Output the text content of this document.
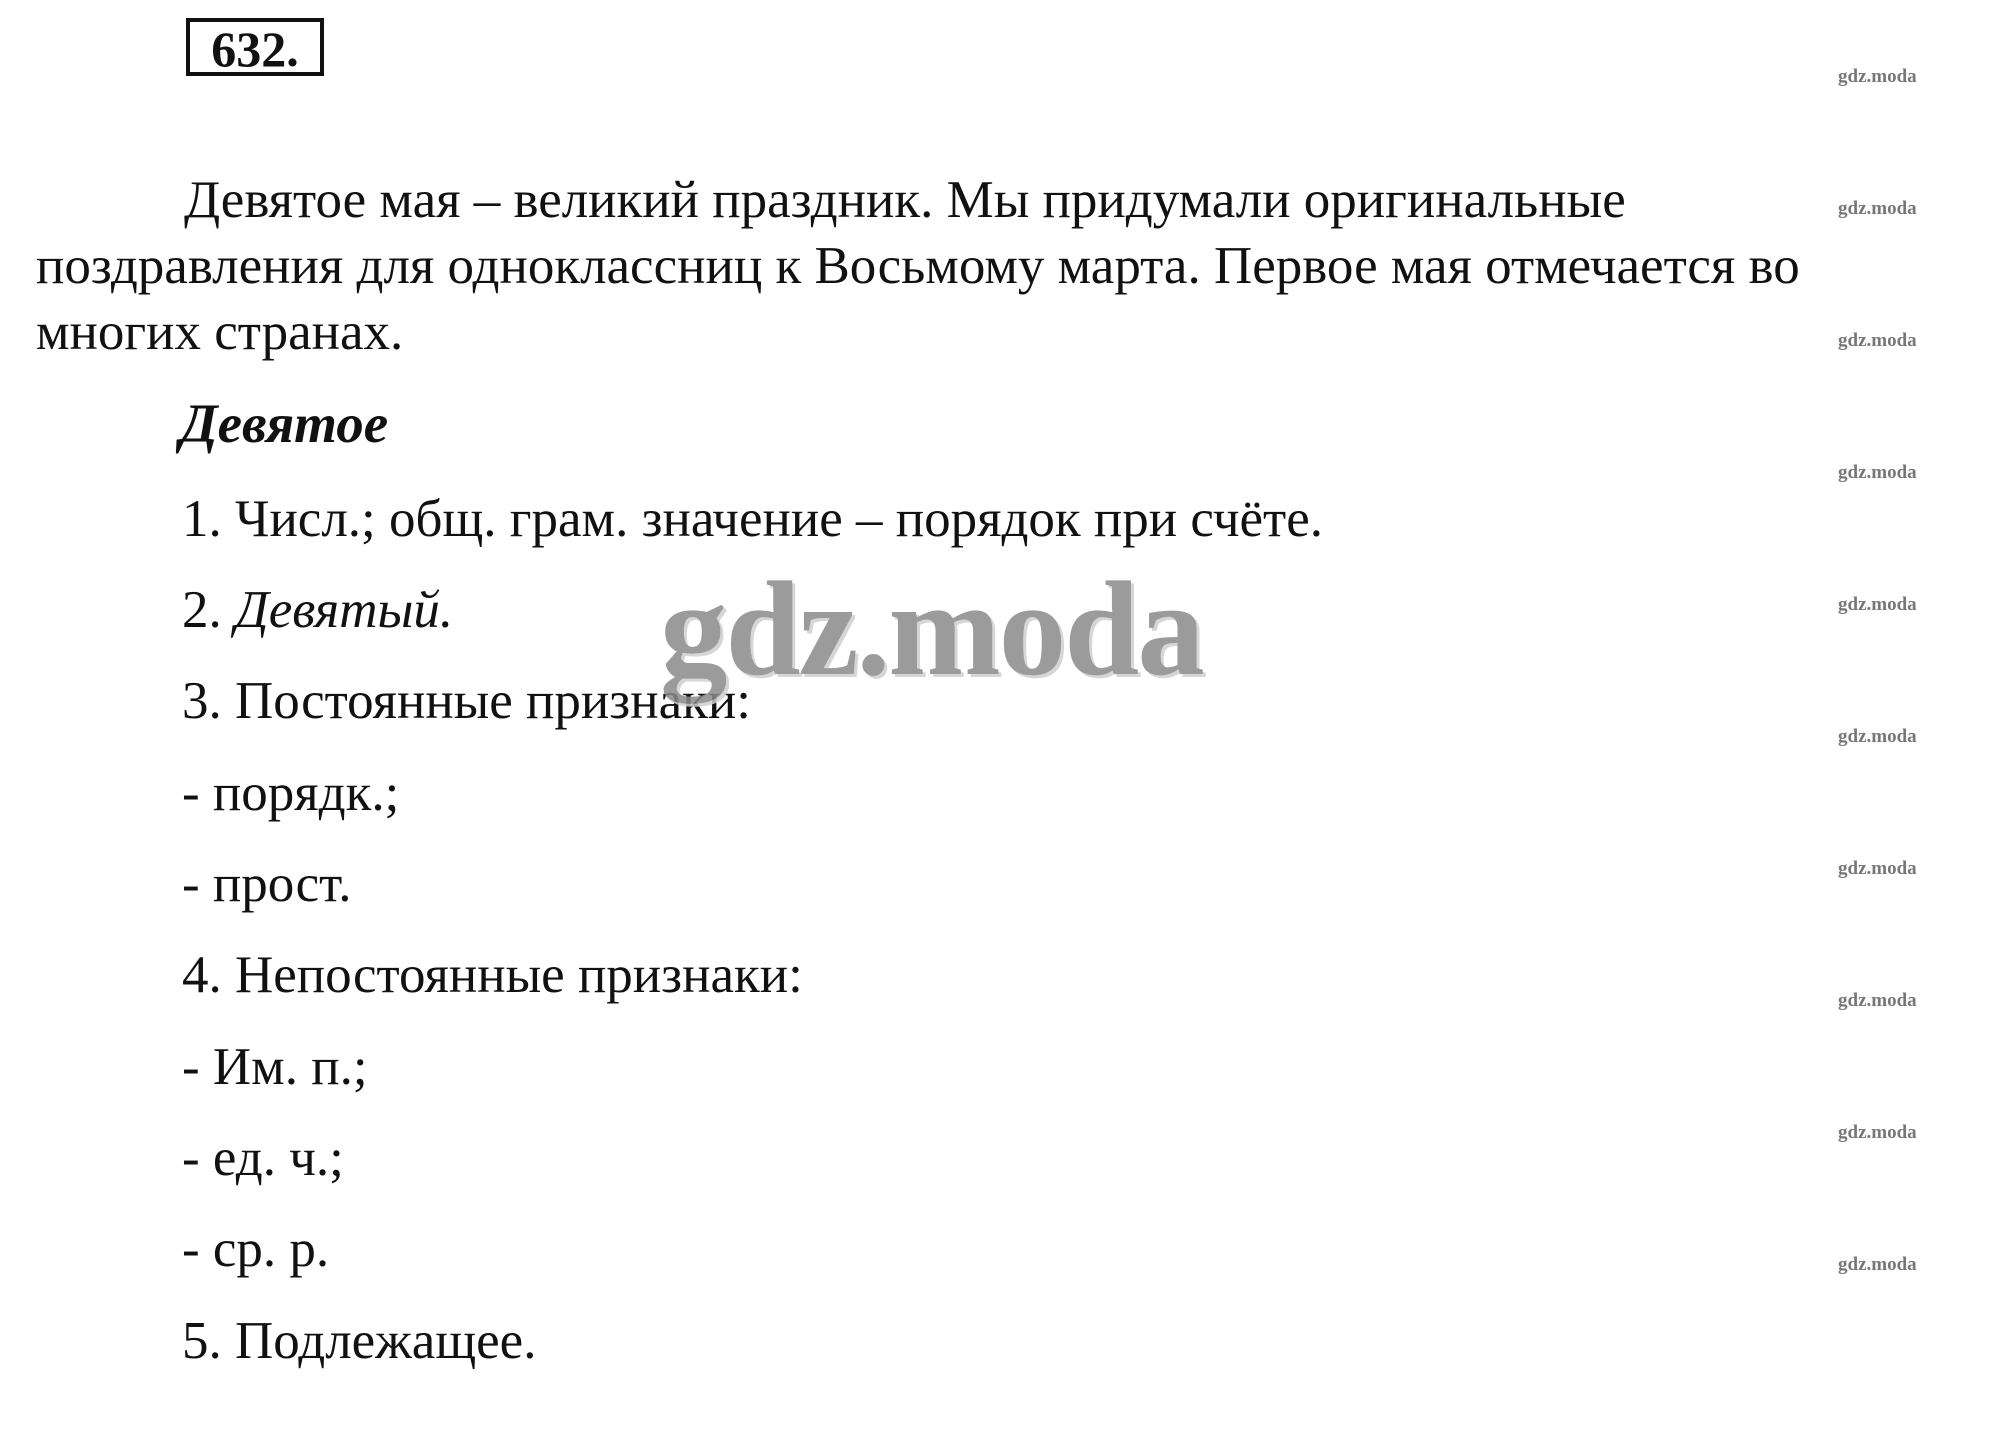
632.

Девятое мая – великий праздник. Мы придумали оригинальные

поздравления для одноклассниц к Восьмому марта. Первое мая отмечается во

многих странах.

Девятое

1. Числ.; общ. грам. значение – порядок при счёте.

2. Девятый.

3. Постоянные признаки:

- порядк.;

- прост.

4. Непостоянные признаки:

- Им. п.;

- ед. ч.;

- ср. р.

5. Подлежащее.

gdz.moda
gdz.moda
gdz.moda
gdz.moda
gdz.moda
gdz.moda
gdz.moda
gdz.moda
gdz.moda
gdz.moda
gdz.moda
